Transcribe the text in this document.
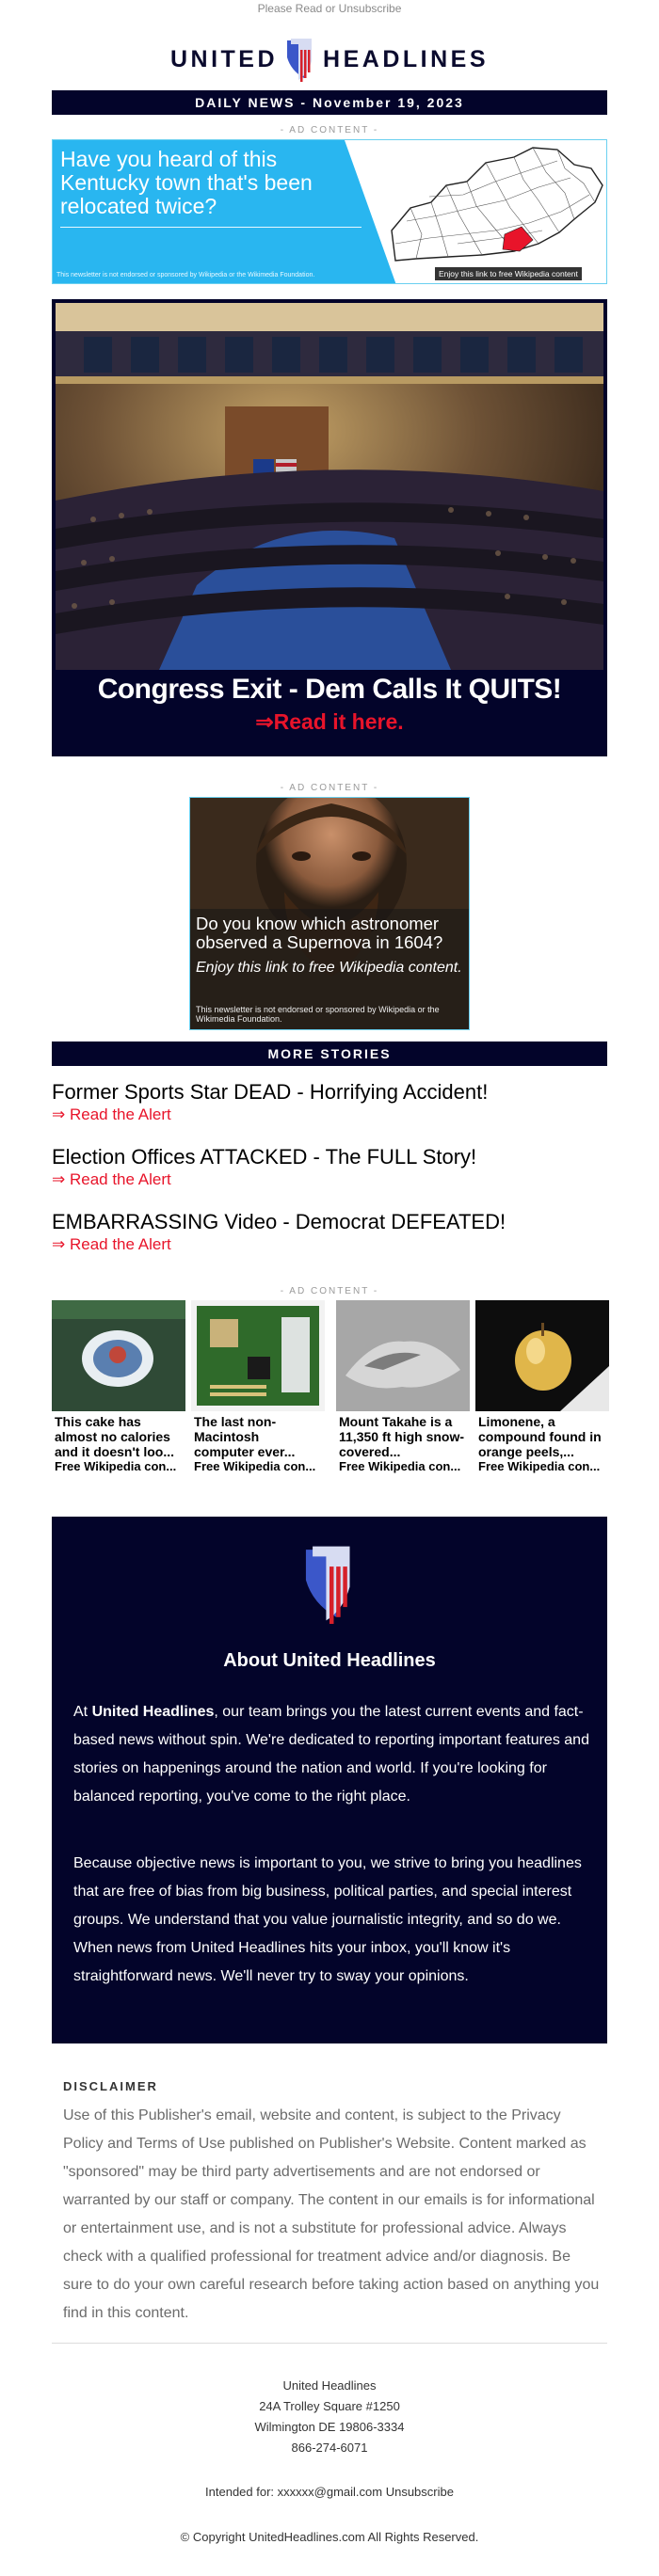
Please Read or Unsubscribe
UNITED HEADLINES
DAILY NEWS - November 19, 2023
- AD CONTENT -
Have you heard of this Kentucky town that's been relocated twice?
This newsletter is not endorsed or sponsored by Wikipedia or the Wikimedia Foundation.	Enjoy this link to free Wikipedia content
Congress Exit - Dem Calls It QUITS!
⇒Read it here.
- AD CONTENT -
Do you know which astronomer observed a Supernova in 1604?
Enjoy this link to free Wikipedia content.
This newsletter is not endorsed or sponsored by Wikipedia or the Wikimedia Foundation.
MORE STORIES
Former Sports Star DEAD - Horrifying Accident!
⇒ Read the Alert
Election Offices ATTACKED - The FULL Story!
⇒ Read the Alert
EMBARRASSING Video - Democrat DEFEATED!
⇒ Read the Alert
- AD CONTENT -
This cake has almost no calories and it doesn't loo...
Free Wikipedia con...
The last non-Macintosh computer ever...
Free Wikipedia con...
Mount Takahe is a 11,350 ft high snow-covered...
Free Wikipedia con...
Limonene, a compound found in orange peels,...
Free Wikipedia con...
About United Headlines

At United Headlines, our team brings you the latest current events and fact-based news without spin. We're dedicated to reporting important features and stories on happenings around the nation and world. If you're looking for balanced reporting, you've come to the right place.

Because objective news is important to you, we strive to bring you headlines that are free of bias from big business, political parties, and special interest groups. We understand that you value journalistic integrity, and so do we. When news from United Headlines hits your inbox, you'll know it's straightforward news. We'll never try to sway your opinions.

DISCLAIMER
Use of this Publisher's email, website and content, is subject to the Privacy Policy and Terms of Use published on Publisher's Website. Content marked as "sponsored" may be third party advertisements and are not endorsed or warranted by our staff or company. The content in our emails is for informational or entertainment use, and is not a substitute for professional advice. Always check with a qualified professional for treatment advice and/or diagnosis. Be sure to do your own careful research before taking action based on anything you find in this content.
United Headlines
24A Trolley Square #1250
Wilmington DE 19806-3334
866-274-6071
Intended for: xxxxxx@gmail.com Unsubscribe
© Copyright UnitedHeadlines.com All Rights Reserved.
